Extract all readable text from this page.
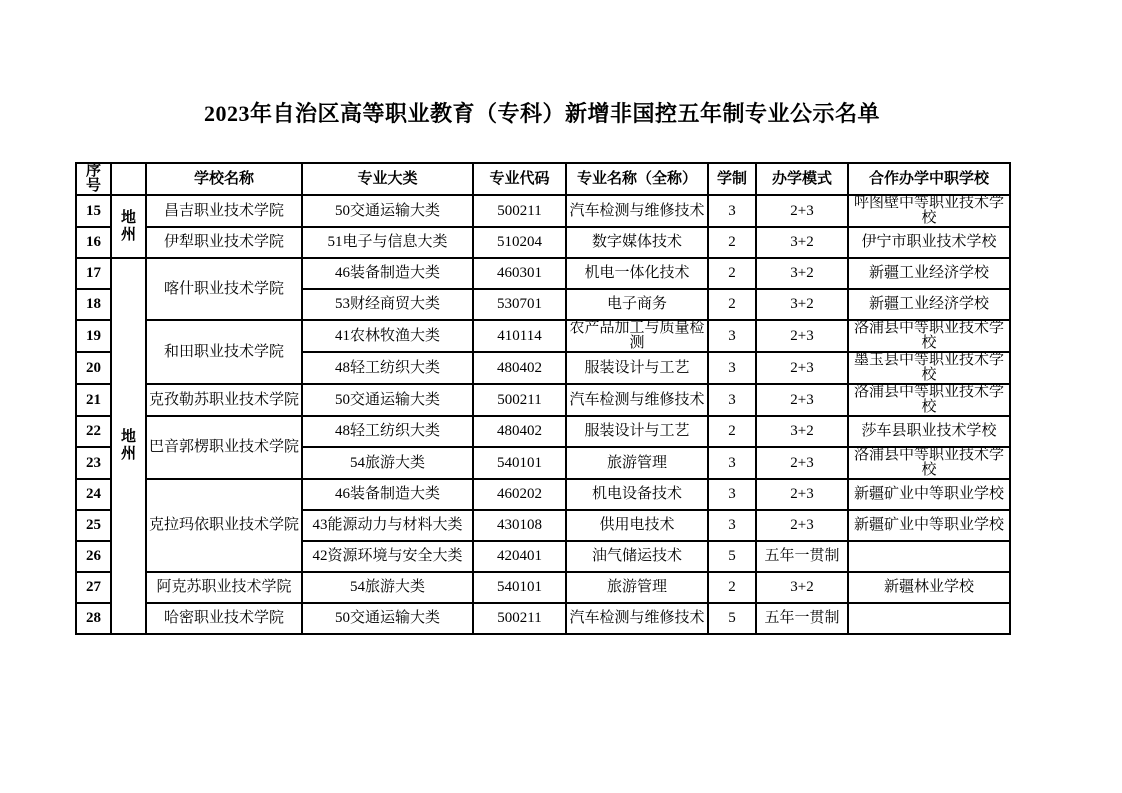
2023年自治区高等职业教育（专科）新增非国控五年制专业公示名单
序号		学校名称	专业大类	专业代码	专业名称（全称）	学制	办学模式	合作办学中职学校
15	地州	昌吉职业技术学院	50交通运输大类	500211	汽车检测与维修技术	3	2+3	呼图壁中等职业技术学校
16		伊犁职业技术学院	51电子与信息大类	510204	数字媒体技术	2	3+2	伊宁市职业技术学校
17	地州	喀什职业技术学院	46装备制造大类	460301	机电一体化技术	2	3+2	新疆工业经济学校
18			53财经商贸大类	530701	电子商务	2	3+2	新疆工业经济学校
19		和田职业技术学院	41农林牧渔大类	410114	农产品加工与质量检测	3	2+3	洛浦县中等职业技术学校
20			48轻工纺织大类	480402	服装设计与工艺	3	2+3	墨玉县中等职业技术学校
21		克孜勒苏职业技术学院	50交通运输大类	500211	汽车检测与维修技术	3	2+3	洛浦县中等职业技术学校
22		巴音郭楞职业技术学院	48轻工纺织大类	480402	服装设计与工艺	2	3+2	莎车县职业技术学校
23			54旅游大类	540101	旅游管理	3	2+3	洛浦县中等职业技术学校
24		克拉玛依职业技术学院	46装备制造大类	460202	机电设备技术	3	2+3	新疆矿业中等职业学校
25			43能源动力与材料大类	430108	供用电技术	3	2+3	新疆矿业中等职业学校
26			42资源环境与安全大类	420401	油气储运技术	5	五年一贯制	
27		阿克苏职业技术学院	54旅游大类	540101	旅游管理	2	3+2	新疆林业学校
28		哈密职业技术学院	50交通运输大类	500211	汽车检测与维修技术	5	五年一贯制	
